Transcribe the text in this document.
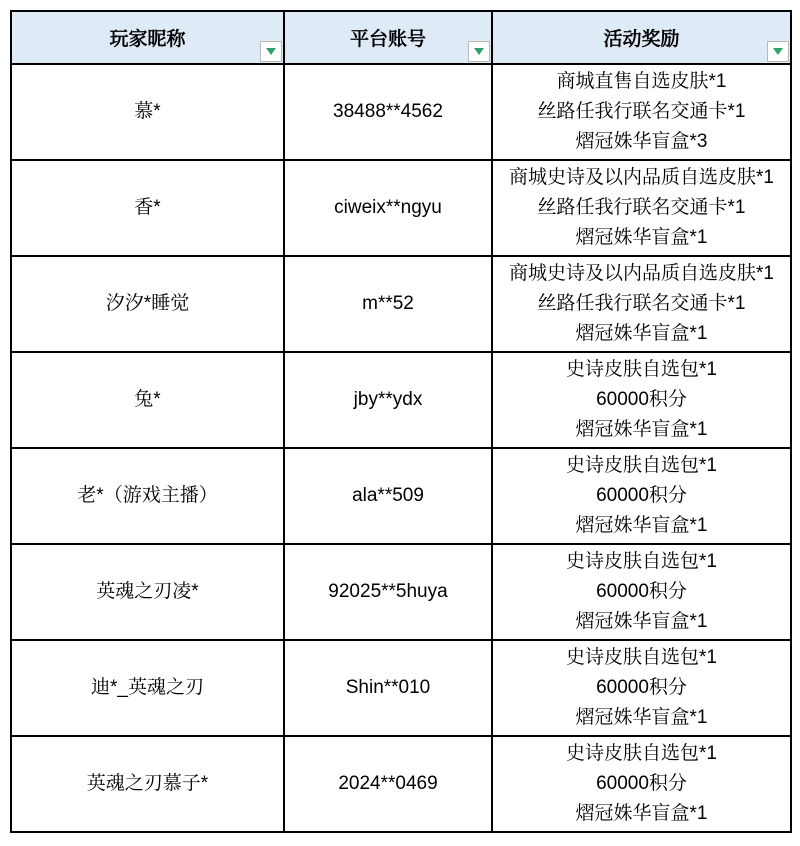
玩家昵称	平台账号	活动奖励

慕*	38488**4562	商城直售自选皮肤*1
丝路任我行联名交通卡*1
熠冠姝华盲盒*3

香*	ciweix**ngyu	商城史诗及以内品质自选皮肤*1
丝路任我行联名交通卡*1
熠冠姝华盲盒*1

汐汐*睡觉	m**52	商城史诗及以内品质自选皮肤*1
丝路任我行联名交通卡*1
熠冠姝华盲盒*1

兔*	jby**ydx	史诗皮肤自选包*1
60000积分
熠冠姝华盲盒*1

老*（游戏主播）	ala**509	史诗皮肤自选包*1
60000积分
熠冠姝华盲盒*1

英魂之刃凌*	92025**5huya	史诗皮肤自选包*1
60000积分
熠冠姝华盲盒*1

迪*_英魂之刃	Shin**010	史诗皮肤自选包*1
60000积分
熠冠姝华盲盒*1

英魂之刃慕子*	2024**0469	史诗皮肤自选包*1
60000积分
熠冠姝华盲盒*1
